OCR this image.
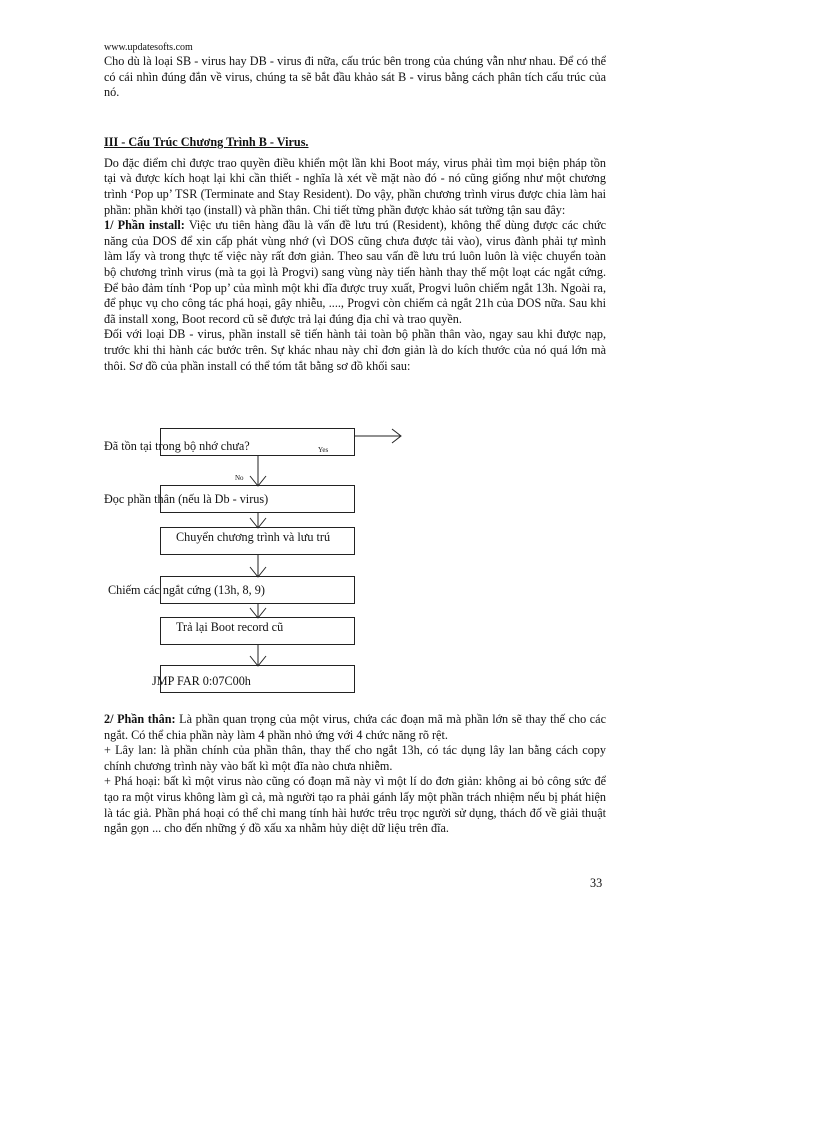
www.updatesofts.com

Cho dù là loại SB - virus hay DB - virus đi nữa, cấu trúc bên trong của chúng vẫn như nhau. Để có thể có cái nhìn đúng đắn về virus, chúng ta sẽ bắt đầu khảo sát B - virus bằng cách phân tích cấu trúc của nó.

III - Cấu Trúc Chương Trình B - Virus.

Do đặc điểm chỉ được trao quyền điều khiển một lần khi Boot máy, virus phải tìm mọi biện pháp tồn tại và được kích hoạt lại khi cần thiết - nghĩa là xét về mặt nào đó - nó cũng giống như một chương trình ‘Pop up’ TSR (Terminate and Stay Resident). Do vậy, phần chương trình virus được chia làm hai phần: phần khởi tạo (install) và phần thân. Chi tiết từng phần được khảo sát tường tận sau đây:

1/ Phần install: Việc ưu tiên hàng đầu là vấn đề lưu trú (Resident), không thể dùng được các chức năng của DOS để xin cấp phát vùng nhớ (vì DOS cũng chưa được tải vào), virus đành phải tự mình làm lấy và trong thực tế việc này rất đơn giản. Theo sau vấn đề lưu trú luôn luôn là việc chuyển toàn bộ chương trình virus (mà ta gọi là Progvi) sang vùng này tiến hành thay thế một loạt các ngắt cứng. Để bảo đảm tính ‘Pop up’ của mình một khi đĩa được truy xuất, Progvi luôn chiếm ngắt 13h. Ngoài ra, để phục vụ cho công tác phá hoại, gây nhiễu, ...., Progvi còn chiếm cả ngắt 21h của DOS nữa. Sau khi đã install xong, Boot record cũ sẽ được trả lại đúng địa chỉ và trao quyền.

Đối với loại DB - virus, phần install sẽ tiến hành tải toàn bộ phần thân vào, ngay sau khi được nạp, trước khi thi hành các bước trên. Sự khác nhau này chỉ đơn giản là do kích thước của nó quá lớn mà thôi. Sơ đồ của phần install có thể tóm tắt bằng sơ đồ khối sau:

Đã tồn tại trong bộ nhớ chưa?	Yes
No
Đọc phần thân (nếu là Db - virus)
Chuyển chương trình và lưu trú
Chiếm các ngắt cứng (13h, 8, 9)
Trả lại Boot record cũ
JMP FAR 0:07C00h

2/ Phần thân: Là phần quan trọng của một virus, chứa các đoạn mã mà phần lớn sẽ thay thế cho các ngắt. Có thể chia phần này làm 4 phần nhỏ ứng với 4 chức năng rõ rệt.

+ Lây lan: là phần chính của phần thân, thay thế cho ngắt 13h, có tác dụng lây lan bằng cách copy chính chương trình này vào bất kì một đĩa nào chưa nhiễm.

+ Phá hoại: bất kì một virus nào cũng có đoạn mã này vì một lí do đơn giản: không ai bỏ công sức để tạo ra một virus không làm gì cả, mà người tạo ra phải gánh lấy một phần trách nhiệm nếu bị phát hiện là tác giả. Phần phá hoại có thể chỉ mang tính hài hước trêu trọc người sử dụng, thách đố về giải thuật ngắn gọn ... cho đến những ý đồ xấu xa nhằm hủy diệt dữ liệu trên đĩa.

33
